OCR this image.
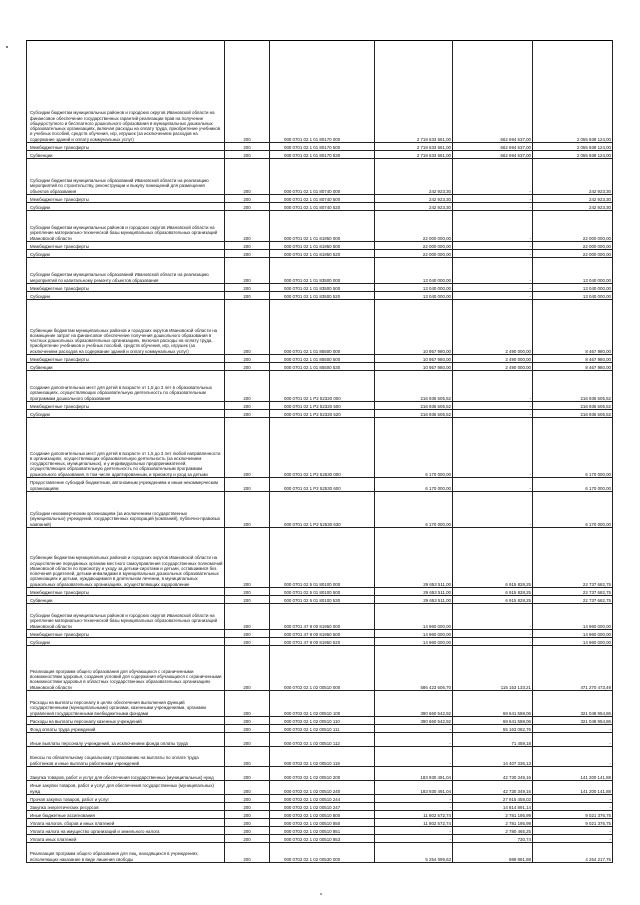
Субсидии бюджетам муниципальных районов и городских округов Ивановской области на финансовое обеспечение государственных гарантий реализации прав на получение общедоступного и бесплатного дошкольного образования в муниципальных дошкольных образовательных организациях, включая расходы на оплату труда, приобретение учебников и учебных пособий, средств обучения, игр, игрушек (за исключением расходов на содержание зданий и оплату коммунальных услуг)	200	000 0701 02 1 01 80170 000	2 718 633 661,00	662 694 537,00	2 055 938 124,00
Межбюджетные трансферты	200	000 0701 02 1 01 80170 500	2 718 633 661,00	662 694 537,00	2 055 938 124,00
Субвенции	200	000 0701 02 1 01 80170 530	2 718 633 661,00	662 694 537,00	2 055 938 124,00
Субсидии бюджетам муниципальных образований Ивановской области на реализацию мероприятий по строительству, реконструкции и выкупу помещений для размещения объектов образования	200	000 0701 02 1 01 80740 000	242 923,30	-	242 923,30
Межбюджетные трансферты	200	000 0701 02 1 01 80740 500	242 923,30	-	242 923,30
Субсидии	200	000 0701 02 1 01 80740 520	242 923,30	-	242 923,30
Субсидии бюджетам муниципальных районов и городских округов Ивановской области на укрепление материально-технической базы муниципальных образовательных организаций Ивановской области	200	000 0701 02 1 01 81950 000	22 000 000,00	-	22 000 000,00
Межбюджетные трансферты	200	000 0701 02 1 01 81950 500	22 000 000,00	-	22 000 000,00
Субсидии	200	000 0701 02 1 01 81950 520	22 000 000,00	-	22 000 000,00
Субсидии бюджетам муниципальных образований Ивановской области на реализацию мероприятий по капитальному ремонту объектов образования	200	000 0701 02 1 01 83500 000	13 040 000,00	-	13 040 000,00
Межбюджетные трансферты	200	000 0701 02 1 01 83500 500	13 040 000,00	-	13 040 000,00
Субсидии	200	000 0701 02 1 01 83500 520	13 040 000,00	-	13 040 000,00
Субвенции бюджетам муниципальных районов и городских округов Ивановской области на возмещение затрат на финансовое обеспечение получения дошкольного образования в частных дошкольных образовательных организациях, включая расходы на оплату труда, приобретение учебников и учебных пособий, средств обучения, игр, игрушек (за исключением расходов на содержание зданий и оплату коммунальных услуг)	200	000 0701 02 1 01 85500 000	10 957 980,00	2 490 000,00	8 467 980,00
Межбюджетные трансферты	200	000 0701 02 1 01 85500 500	10 957 980,00	2 490 000,00	8 467 980,00
Субвенции	200	000 0701 02 1 01 85500 530	10 957 980,00	2 490 000,00	8 467 980,00
Создание дополнительных мест для детей в возрасте от 1,5 до 3 лет в образовательных организациях, осуществляющих образовательную деятельность по образовательным программам дошкольного образования	200	000 0701 02 1 P2 52320 000	216 936 505,52	-	216 936 505,52
Межбюджетные трансферты	200	000 0701 02 1 P2 52320 500	216 936 505,52	-	216 936 505,52
Субсидии	200	000 0701 02 1 P2 52320 520	216 936 505,52	-	216 936 505,52
Создание дополнительных мест для детей в возрасте от 1,5 до 3 лет любой направленности в организациях, осуществляющих образовательную деятельность (за исключением государственных, муниципальных), и у индивидуальных предпринимателей, осуществляющих образовательную деятельность по образовательным программам дошкольного образования, в том числе адаптированным, и присмотр и уход за детьми	200	000 0701 02 1 P2 52530 000	6 170 000,00	-	6 170 000,00
Предоставление субсидий бюджетным, автономным учреждениям и иным некоммерческим организациям	200	000 0701 02 1 P2 52530 600	6 170 000,00	-	6 170 000,00
Субсидии некоммерческим организациям (за исключением государственных (муниципальных) учреждений, государственных корпораций (компаний), публично-правовых компаний)	200	000 0701 02 1 P2 52530 630	6 170 000,00	-	6 170 000,00
Субвенции бюджетам муниципальных районов и городских округов Ивановской области на осуществление переданных органам местного самоуправления государственных полномочий Ивановской области по присмотру и уходу за детьми-сиротами и детьми, оставшимися без попечения родителей, детьми-инвалидами в муниципальных дошкольных образовательных организациях и детьми, нуждающимися в длительном лечении, в муниципальных дошкольных образовательных организациях, осуществляющих оздоровление	200	000 0701 02 5 01 80100 000	29 653 511,00	6 915 828,25	22 737 682,75
Межбюджетные трансферты	200	000 0701 02 5 01 80100 500	29 653 511,00	6 915 828,25	22 737 682,75
Субвенции	200	000 0701 02 5 01 80100 530	29 653 511,00	6 915 828,25	22 737 682,75
Субсидии бюджетам муниципальных районов и городских округов Ивановской области на укрепление материально-технической базы муниципальных образовательных организаций Ивановской области	200	000 0701 47 9 00 81950 000	14 960 000,00	-	14 960 000,00
Межбюджетные трансферты	200	000 0701 47 9 00 81950 500	14 960 000,00	-	14 960 000,00
Субсидии	200	000 0701 47 9 00 81950 520	14 960 000,00	-	14 960 000,00
Реализация программ общего образования для обучающихся с ограниченными возможностями здоровья, создания условий для содержания обучающихся с ограниченными возможностями здоровья в областных государственных образовательных организациях Ивановской области	200	000 0702 02 1 02 00510 000	586 423 606,70	115 153 133,21	471 270 473,49
Расходы на выплаты персоналу в целях обеспечения выполнения функций государственными (муниципальными) органами, казенными учреждениями, органами управления государственными внебюджетными фондами	200	000 0702 02 1 02 00510 100	390 660 542,92	69 641 588,06	321 048 954,86
Расходы на выплаты персоналу казенных учреждений	200	000 0702 02 1 02 00510 110	390 660 542,92	69 641 588,06	321 048 954,86
Фонд оплаты труда учреждений	200	000 0702 02 1 02 00510 111	-	55 163 082,76	-
Иные выплаты персоналу учреждений, за исключением фонда оплаты труда	200	000 0702 02 1 02 00510 112	-	71 459,18	-
Взносы по обязательному социальному страхованию на выплаты по оплате труда работников и иные выплаты работникам учреждений	200	000 0702 02 1 02 00510 119	-	14 407 336,13	-
Закупка товаров, работ и услуг для обеспечения государственных (муниципальных) нужд	200	000 0702 02 1 02 00510 200	183 930 491,04	42 730 349,16	141 200 141,88
Иные закупки товаров, работ и услуг для обеспечения государственных (муниципальных) нужд	200	000 0702 02 1 02 00510 240	183 930 491,04	42 730 349,16	141 200 141,88
Прочая закупка товаров, работ и услуг	200	000 0702 02 1 02 00510 244	-	27 915 458,02	-
Закупка энергетических ресурсов	200	000 0702 02 1 02 00510 247	-	14 814 891,14	-
Иные бюджетные ассигнования	200	000 0702 02 1 02 00510 800	11 802 572,74	2 781 195,99	9 021 376,75
Уплата налогов, сборов и иных платежей	200	000 0702 02 1 02 00510 850	11 802 572,74	2 781 195,99	9 021 376,75
Уплата налога на имущество организаций и земельного налога	200	000 0702 02 1 02 00510 851	-	2 780 465,25	-
Уплата иных платежей	200	000 0702 02 1 02 00510 853	-	730,74	-
Реализация программ общего образования для лиц, находящихся в учреждениях, исполняющих наказание в виде лишения свободы	200	000 0702 02 1 02 00530 000	5 254 099,63	989 881,88	4 264 217,75
